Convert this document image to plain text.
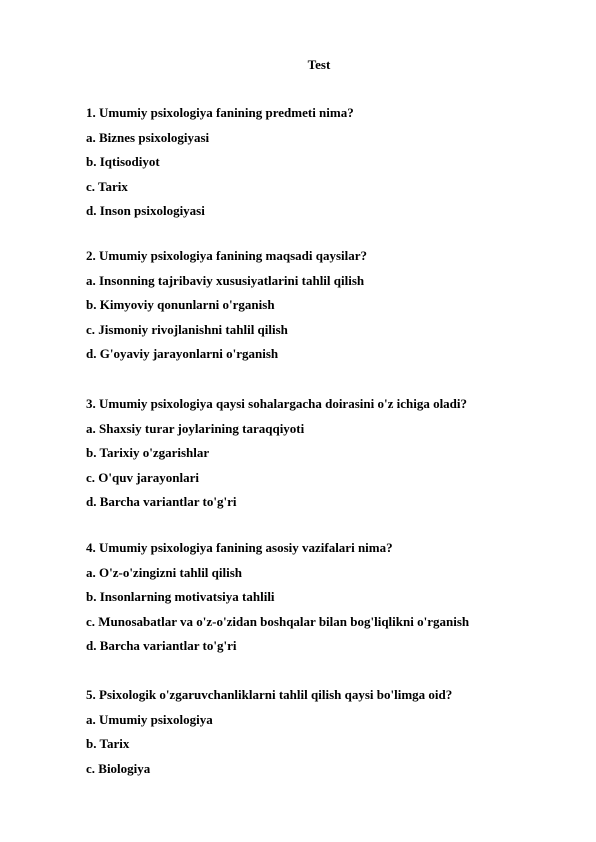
Test
1. Umumiy psixologiya fanining predmeti nima?
a. Biznes psixologiyasi
b. Iqtisodiyot
c. Tarix
d. Inson psixologiyasi
2. Umumiy psixologiya fanining maqsadi qaysilar?
a. Insonning tajribaviy xususiyatlarini tahlil qilish
b. Kimyoviy qonunlarni o'rganish
c. Jismoniy rivojlanishni tahlil qilish
d. G'oyaviy jarayonlarni o'rganish
3. Umumiy psixologiya qaysi sohalargacha doirasini o'z ichiga oladi?
a. Shaxsiy turar joylarining taraqqiyoti
b. Tarixiy o'zgarishlar
c. O'quv jarayonlari
d. Barcha variantlar to'g'ri
4. Umumiy psixologiya fanining asosiy vazifalari nima?
a. O'z-o'zingizni tahlil qilish
b. Insonlarning motivatsiya tahlili
c. Munosabatlar va o'z-o'zidan boshqalar bilan bog'liqlikni o'rganish
d. Barcha variantlar to'g'ri
5. Psixologik o'zgaruvchanliklarni tahlil qilish qaysi bo'limga oid?
a. Umumiy psixologiya
b. Tarix
c. Biologiya
